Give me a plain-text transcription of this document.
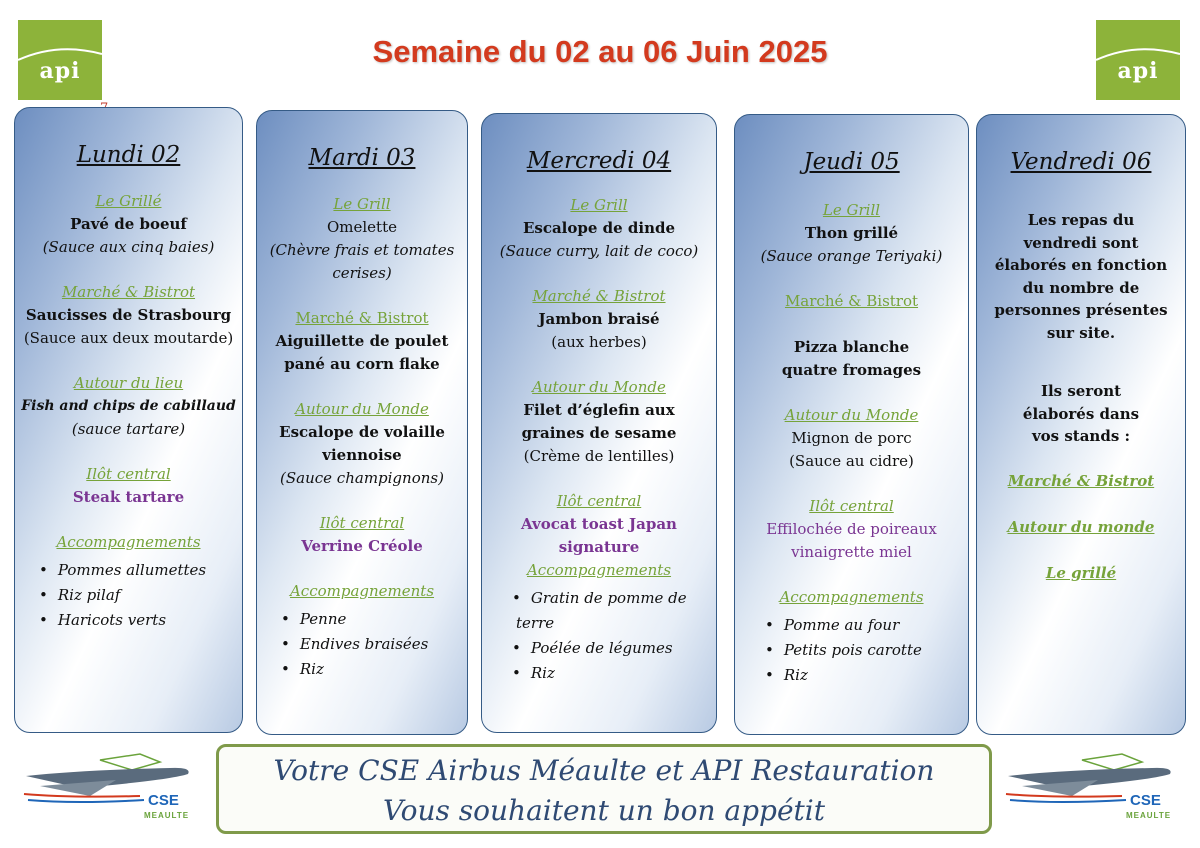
api	api
Semaine du 02 au 06 Juin 2025
Lundi 02
Le Grillé
Pavé de boeuf
(Sauce aux cinq baies)
Marché & Bistrot
Saucisses de Strasbourg
(Sauce aux deux moutarde)
Autour du lieu
Fish and chips de cabillaud
(sauce tartare)
Ilôt central
Steak tartare
Accompagnements
• Pommes allumettes
• Riz pilaf
• Haricots verts
Mardi 03
Le Grill
Omelette
(Chèvre frais et tomates cerises)
Marché & Bistrot
Aiguillette de poulet pané au corn flake
Autour du Monde
Escalope de volaille viennoise
(Sauce champignons)
Ilôt central
Verrine Créole
Accompagnements
• Penne
• Endives braisées
• Riz
Mercredi 04
Le Grill
Escalope de dinde
(Sauce curry, lait de coco)
Marché & Bistrot
Jambon braisé
(aux herbes)
Autour du Monde
Filet d’églefin aux graines de sesame
(Crème de lentilles)
Ilôt central
Avocat toast Japan signature
Accompagnements
• Gratin de pomme de terre
• Poélée de légumes
• Riz
Jeudi 05
Le Grill
Thon grillé
(Sauce orange Teriyaki)
Marché & Bistrot
Pizza blanche quatre fromages
Autour du Monde
Mignon de porc
(Sauce au cidre)
Ilôt central
Effilochée de poireaux vinaigrette miel
Accompagnements
• Pomme au four
• Petits pois carotte
• Riz
Vendredi 06
Les repas du vendredi sont élaborés en fonction du nombre de personnes présentes sur site.
Ils seront élaborés dans vos stands :
Marché & Bistrot
Autour du monde
Le grillé
CSE
MEAULTE
Votre CSE Airbus Méaulte et API Restauration
Vous souhaitent un bon appétit	CSE
MEAULTE
